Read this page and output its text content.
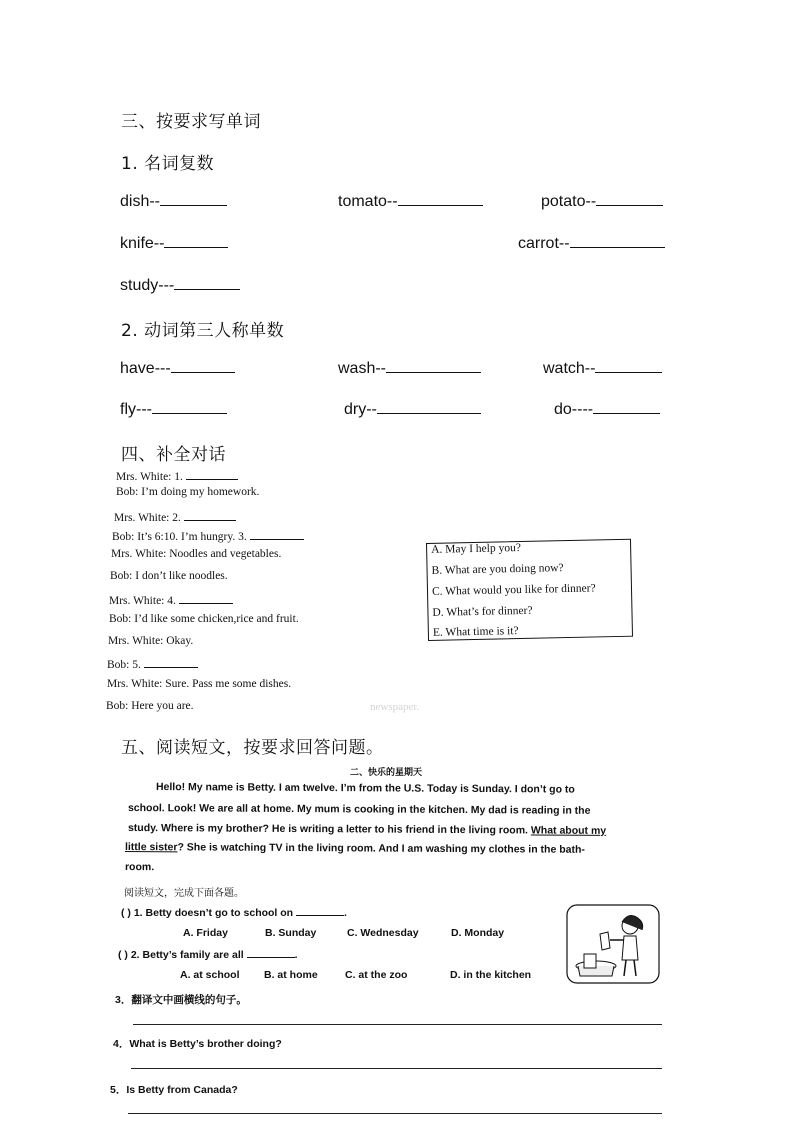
三、按要求写单词
1. 名词复数
dish--	tomato--	potato--
knife--	carrot--
study---
2. 动词第三人称单数
have---	wash--	watch--
fly---	dry--	do----
四、补全对话
newspaper.
Mrs. White: 1.
Bob: I’m doing my homework.
Mrs. White: 2.
Bob: It’s 6:10. I’m hungry. 3.
Mrs. White: Noodles and vegetables.
Bob: I don’t like noodles.
Mrs. White: 4.
Bob: I’d like some chicken,rice and fruit.
Mrs. White: Okay.
Bob: 5.
Mrs. White: Sure. Pass me some dishes.
Bob: Here you are.
A. May I help you?
B. What are you doing now?
C. What would you like for dinner?
D. What’s for dinner?
E. What time is it?
五、阅读短文，按要求回答问题。
二、快乐的星期天
Hello! My name is Betty. I am twelve. I’m from the U.S. Today is Sunday. I don’t go to
school. Look! We are all at home. My mum is cooking in the kitchen. My dad is reading in the
study. Where is my brother? He is writing a letter to his friend in the living room. What about my
little sister? She is watching TV in the living room. And I am washing my clothes in the bath-
room.
阅读短文，完成下面各题。
( ) 1. Betty doesn’t go to school on	.
A. Friday	B. Sunday	C. Wednesday	D. Monday
( ) 2. Betty’s family are all	.
A. at school B. at home	C. at the zoo	D. in the kitchen
3．翻译文中画横线的句子。
4．What is Betty’s brother doing?
5．Is Betty from Canada?
